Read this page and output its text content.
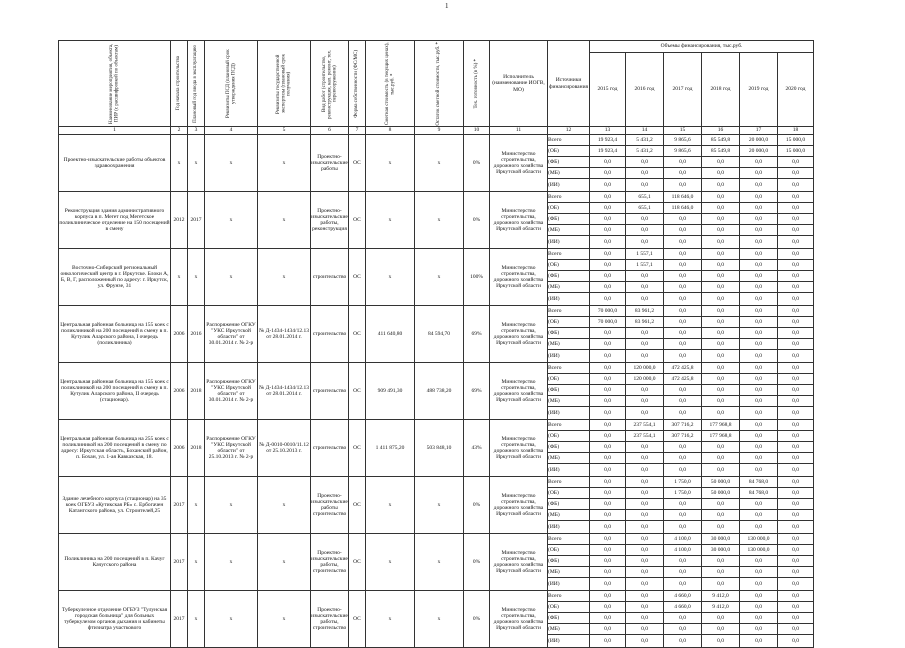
1
Наименование мероприятия, объекта, ПИР (с расшифровкой по объектам)	Год начала строительства	Плановый год ввода в эксплуатацию	Реквизиты ПСД (плановый срок утверждения ПСД)	Реквизиты государственной экспертизы (плановый срок получения)	Вид работ (строительство, реконструкция, кап. ремонт, тех. перевооружение)	Форма собственности (ФС/МС)	Сметная стоимость (в текущих ценах), тыс.руб. *	Остаток сметной стоимости, тыс.руб. *	Тех. готовность (в %) *	Исполнитель (наименование ИОГВ, МО)	Источники финансирования	Объемы финансирования, тыс.руб.					
												2015 год	2016 год	2017 год	2018 год	2019 год	2020 год
1	2	3	4	5	6	7	8	9	10	11	12	13	14	15	16	17	18
Проектно-изыскательские работы объектов здравоохранения	x	x	x	x	Проектно-изыскательские работы	ОС	x	x	0%	Министерство строительства, дорожного хозяйства Иркутской области	Всего	19 923,4	5 431,2	9 865,6	85 549,8	20 000,0	15 000,0
											(ОБ)	19 923,4	5 431,2	9 865,6	85 549,8	20 000,0	15 000,0
											(ФБ)	0,0	0,0	0,0	0,0	0,0	0,0
											(МБ)	0,0	0,0	0,0	0,0	0,0	0,0
											(ИИ)	0,0	0,0	0,0	0,0	0,0	0,0
Реконструкция здания административного корпуса в п. Мегет под Мегетское поликлиническое отделение на 150 посещений в смену	2012	2017	x	x	Проектно-изыскательские работы, реконструкция	ОС	x	x	0%	Министерство строительства, дорожного хозяйства Иркутской области	Всего	0,0	655,1	118 646,0	0,0	0,0	0,0
											(ОБ)	0,0	655,1	118 646,0	0,0	0,0	0,0
											(ФБ)	0,0	0,0	0,0	0,0	0,0	0,0
											(МБ)	0,0	0,0	0,0	0,0	0,0	0,0
											(ИИ)	0,0	0,0	0,0	0,0	0,0	0,0
Восточно-Сибирский региональный онкологический центр в г. Иркутске. Блоки А, Б, В, Г, расположенный по адресу: г. Иркутск, ул. Фрунзе, 31	x	x	x	x	строительство	ОС	x	x	100%	Министерство строительства, дорожного хозяйства Иркутской области	Всего	0,0	1 557,1	0,0	0,0	0,0	0,0
											(ОБ)	0,0	1 557,1	0,0	0,0	0,0	0,0
											(ФБ)	0,0	0,0	0,0	0,0	0,0	0,0
											(МБ)	0,0	0,0	0,0	0,0	0,0	0,0
											(ИИ)	0,0	0,0	0,0	0,0	0,0	0,0
Центральная районная больница на 155 коек с поликлиникой на 200 посещений в смену в п. Кутулик Аларского района, I очередь (поликлиника)	2006	2016	Распоряжение ОГКУ "УКС Иркутской области" от 30.01.2014 г. № 2-р	№ Д-1434-1434/12.13 от 28.01.2014 г.	строительство	ОС	411 640,80	84 594,70	69%	Министерство строительства, дорожного хозяйства Иркутской области	Всего	70 000,0	83 961,2	0,0	0,0	0,0	0,0
											(ОБ)	70 000,0	83 961,2	0,0	0,0	0,0	0,0
											(ФБ)	0,0	0,0	0,0	0,0	0,0	0,0
											(МБ)	0,0	0,0	0,0	0,0	0,0	0,0
											(ИИ)	0,0	0,0	0,0	0,0	0,0	0,0
Центральная районная больница на 155 коек с поликлиникой на 200 посещений в смену в п. Кутулик Аларского района, II очередь (стационар).	2006	2018	Распоряжение ОГКУ "УКС Иркутской области" от 30.01.2014 г. № 2-р	№ Д-1434-1434/12.13 от 28.01.2014 г.	строительство	ОС	909 491,30	488 738,20	69%	Министерство строительства, дорожного хозяйства Иркутской области	Всего	0,0	120 000,0	472 425,8	0,0	0,0	0,0
											(ОБ)	0,0	120 000,0	472 425,8	0,0	0,0	0,0
											(ФБ)	0,0	0,0	0,0	0,0	0,0	0,0
											(МБ)	0,0	0,0	0,0	0,0	0,0	0,0
											(ИИ)	0,0	0,0	0,0	0,0	0,0	0,0
Центральная районная больница на 255 коек с поликлиникой на 200 посещений в смену по адресу: Иркутская область, Боханский район, п. Бохан, ул. 1-ая Кавказская, 18.	2006	2018	Распоряжение ОГКУ "УКС Иркутской области" от 25.10.2013 г. № 2-р	№ Д-0010-0010/11.12 от 25.10.2013 г.	строительство	ОС	1 411 875,20	503 848,10	43%	Министерство строительства, дорожного хозяйства Иркутской области	Всего	0,0	237 554,1	307 716,2	177 968,8	0,0	0,0
											(ОБ)	0,0	237 554,1	307 716,2	177 968,8	0,0	0,0
											(ФБ)	0,0	0,0	0,0	0,0	0,0	0,0
											(МБ)	0,0	0,0	0,0	0,0	0,0	0,0
											(ИИ)	0,0	0,0	0,0	0,0	0,0	0,0
Здание лечебного корпуса (стационар) на 35 коек ОГБУЗ «Кутикская РБ» с. Ербогачен Катангского района, ул. Строителей,25	2017	x	x	x	Проектно-изыскательские работы строительство	ОС	x	x	0%	Министерство строительства, дорожного хозяйства Иркутской области	Всего	0,0	0,0	1 750,0	50 000,0	84 768,0	0,0
											(ОБ)	0,0	0,0	1 750,0	50 000,0	84 768,0	0,0
											(ФБ)	0,0	0,0	0,0	0,0	0,0	0,0
											(МБ)	0,0	0,0	0,0	0,0	0,0	0,0
											(ИИ)	0,0	0,0	0,0	0,0	0,0	0,0
Поликлиника на 200 посещений в п. Качуг Качугского района	2017	x	x	x	Проектно-изыскательские работы, строительство	ОС	x	x	0%	Министерство строительства, дорожного хозяйства Иркутской области	Всего	0,0	0,0	4 100,0	30 000,0	130 000,0	0,0
											(ОБ)	0,0	0,0	4 100,0	30 000,0	130 000,0	0,0
											(ФБ)	0,0	0,0	0,0	0,0	0,0	0,0
											(МБ)	0,0	0,0	0,0	0,0	0,0	0,0
											(ИИ)	0,0	0,0	0,0	0,0	0,0	0,0
Туберкулезное отделение ОГБУЗ "Тулунская городская больница" для больных туберкулезом органов дыхания и кабинеты фтизиатра участкового	2017	x	x	x	Проектно-изыскательские работы, строительство	ОС	x	x	0%	Министерство строительства, дорожного хозяйства Иркутской области	Всего	0,0	0,0	4 660,0	9 412,0	0,0	0,0
											(ОБ)	0,0	0,0	4 660,0	9 412,0	0,0	0,0
											(ФБ)	0,0	0,0	0,0	0,0	0,0	0,0
											(МБ)	0,0	0,0	0,0	0,0	0,0	0,0
											(ИИ)	0,0	0,0	0,0	0,0	0,0	0,0
